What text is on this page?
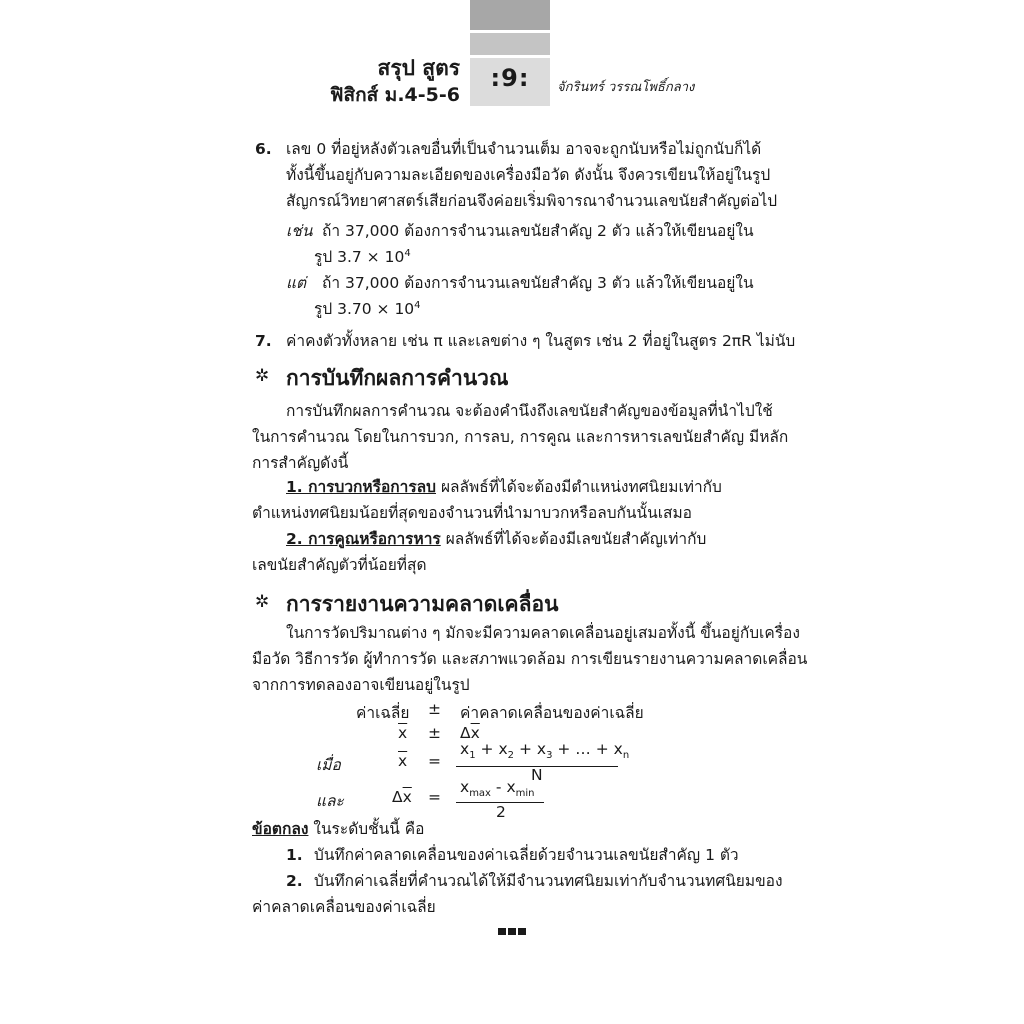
:9:
สรุป สูตร
ฟิสิกส์ ม.4-5-6	จักรินทร์ วรรณโพธิ์กลาง
6. เลข 0 ที่อยู่หลังตัวเลขอื่นที่เป็นจำนวนเต็ม อาจจะถูกนับหรือไม่ถูกนับก็ได้
ทั้งนี้ขึ้นอยู่กับความละเอียดของเครื่องมือวัด ดังนั้น จึงควรเขียนให้อยู่ในรูป
สัญกรณ์วิทยาศาสตร์เสียก่อนจึงค่อยเริ่มพิจารณาจำนวนเลขนัยสำคัญต่อไป
เช่น ถ้า 37,000 ต้องการจำนวนเลขนัยสำคัญ 2 ตัว แล้วให้เขียนอยู่ใน
รูป $3.7 \times 10^4$
แต่ ถ้า 37,000 ต้องการจำนวนเลขนัยสำคัญ 3 ตัว แล้วให้เขียนอยู่ใน
รูป $3.70 \times 10^4$
7. ค่าคงตัวทั้งหลาย เช่น π และเลขต่าง ๆ ในสูตร เช่น 2 ที่อยู่ในสูตร 2πR ไม่นับ
✲ การบันทึกผลการคำนวณ
การบันทึกผลการคำนวณ จะต้องคำนึงถึงเลขนัยสำคัญของข้อมูลที่นำไปใช้
ในการคำนวณ โดยในการบวก, การลบ, การคูณ และการหารเลขนัยสำคัญ มีหลัก
การสำคัญดังนี้
1. การบวกหรือการลบ ผลลัพธ์ที่ได้จะต้องมีตำแหน่งทศนิยมเท่ากับ
ตำแหน่งทศนิยมน้อยที่สุดของจำนวนที่นำมาบวกหรือลบกันนั้นเสมอ
2. การคูณหรือการหาร ผลลัพธ์ที่ได้จะต้องมีเลขนัยสำคัญเท่ากับ
เลขนัยสำคัญตัวที่น้อยที่สุด
✲ การรายงานความคลาดเคลื่อน
ในการวัดปริมาณต่าง ๆ มักจะมีความคลาดเคลื่อนอยู่เสมอทั้งนี้ ขึ้นอยู่กับเครื่อง
มือวัด วิธีการวัด ผู้ทำการวัด และสภาพแวดล้อม การเขียนรายงานความคลาดเคลื่อน
จากการทดลองอาจเขียนอยู่ในรูป
ค่าเฉลี่ย ± ค่าคลาดเคลื่อนของค่าเฉลี่ย
$\overline{x} \pm \Delta\overline{x}$
เมื่อ	$\overline{x}$ =
$x_1 + x_2 + x_3$ + … + $x_n$
N
และ	$\Delta\overline{x}$ =
$x_{max} - x_{min}$
2
ข้อตกลง ในระดับชั้นนี้ คือ
1. บันทึกค่าคลาดเคลื่อนของค่าเฉลี่ยด้วยจำนวนเลขนัยสำคัญ 1 ตัว
2. บันทึกค่าเฉลี่ยที่คำนวณได้ให้มีจำนวนทศนิยมเท่ากับจำนวนทศนิยมของ
ค่าคลาดเคลื่อนของค่าเฉลี่ย
